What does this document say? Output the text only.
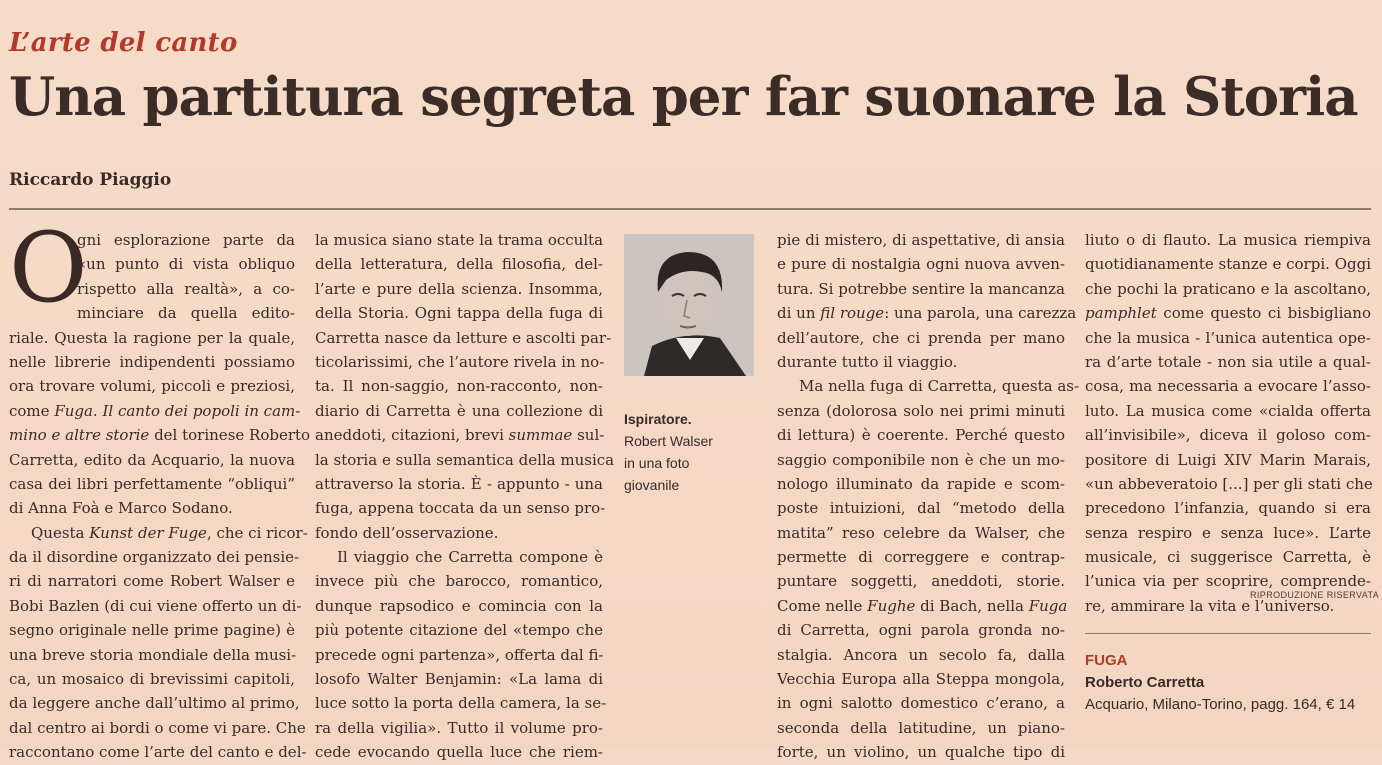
L’arte del canto
Una partitura segreta per far suonare la Storia
Riccardo Piaggio
O
gni esplorazione parte da
«un punto di vista obliquo
rispetto alla realtà», a co-
minciare da quella edito-
riale. Questa la ragione per la quale,
nelle librerie indipendenti possiamo
ora trovare volumi, piccoli e preziosi,
come Fuga. Il canto dei popoli in cam-
mino e altre storie del torinese Roberto
Carretta, edito da Acquario, la nuova
casa dei libri perfettamente “obliqui”
di Anna Foà e Marco Sodano.
Questa Kunst der Fuge, che ci ricor-
da il disordine organizzato dei pensie-
ri di narratori come Robert Walser e
Bobi Bazlen (di cui viene offerto un di-
segno originale nelle prime pagine) è
una breve storia mondiale della musi-
ca, un mosaico di brevissimi capitoli,
da leggere anche dall’ultimo al primo,
dal centro ai bordi o come vi pare. Che
raccontano come l’arte del canto e del-
la musica siano state la trama occulta
della letteratura, della filosofia, del-
l’arte e pure della scienza. Insomma,
della Storia. Ogni tappa della fuga di
Carretta nasce da letture e ascolti par-
ticolarissimi, che l’autore rivela in no-
ta. Il non-saggio, non-racconto, non-
diario di Carretta è una collezione di
aneddoti, citazioni, brevi summae sul-
la storia e sulla semantica della musica
attraverso la storia. È - appunto - una
fuga, appena toccata da un senso pro-
fondo dell’osservazione.
Il viaggio che Carretta compone è
invece più che barocco, romantico,
dunque rapsodico e comincia con la
più potente citazione del «tempo che
precede ogni partenza», offerta dal fi-
losofo Walter Benjamin: «La lama di
luce sotto la porta della camera, la se-
ra della vigilia». Tutto il volume pro-
cede evocando quella luce che riem-
Ispiratore.
Robert Walser
in una foto
giovanile
pie di mistero, di aspettative, di ansia
e pure di nostalgia ogni nuova avven-
tura. Si potrebbe sentire la mancanza
di un fil rouge: una parola, una carezza
dell’autore, che ci prenda per mano
durante tutto il viaggio.
Ma nella fuga di Carretta, questa as-
senza (dolorosa solo nei primi minuti
di lettura) è coerente. Perché questo
saggio componibile non è che un mo-
nologo illuminato da rapide e scom-
poste intuizioni, dal “metodo della
matita” reso celebre da Walser, che
permette di correggere e contrap-
puntare soggetti, aneddoti, storie.
Come nelle Fughe di Bach, nella Fuga
di Carretta, ogni parola gronda no-
stalgia. Ancora un secolo fa, dalla
Vecchia Europa alla Steppa mongola,
in ogni salotto domestico c’erano, a
seconda della latitudine, un piano-
forte, un violino, un qualche tipo di
liuto o di flauto. La musica riempiva
quotidianamente stanze e corpi. Oggi
che pochi la praticano e la ascoltano,
pamphlet come questo ci bisbigliano
che la musica - l’unica autentica ope-
ra d’arte totale - non sia utile a qual-
cosa, ma necessaria a evocare l’asso-
luto. La musica come «cialda offerta
all’invisibile», diceva il goloso com-
positore di Luigi XIV Marin Marais,
«un abbeveratoio [...] per gli stati che
precedono l’infanzia, quando si era
senza respiro e senza luce». L’arte
musicale, ci suggerisce Carretta, è
l’unica via per scoprire, comprende-
re, ammirare la vita e l’universo.
RIPRODUZIONE RISERVATA
FUGA
Roberto Carretta
Acquario, Milano-Torino, pagg. 164, € 14
